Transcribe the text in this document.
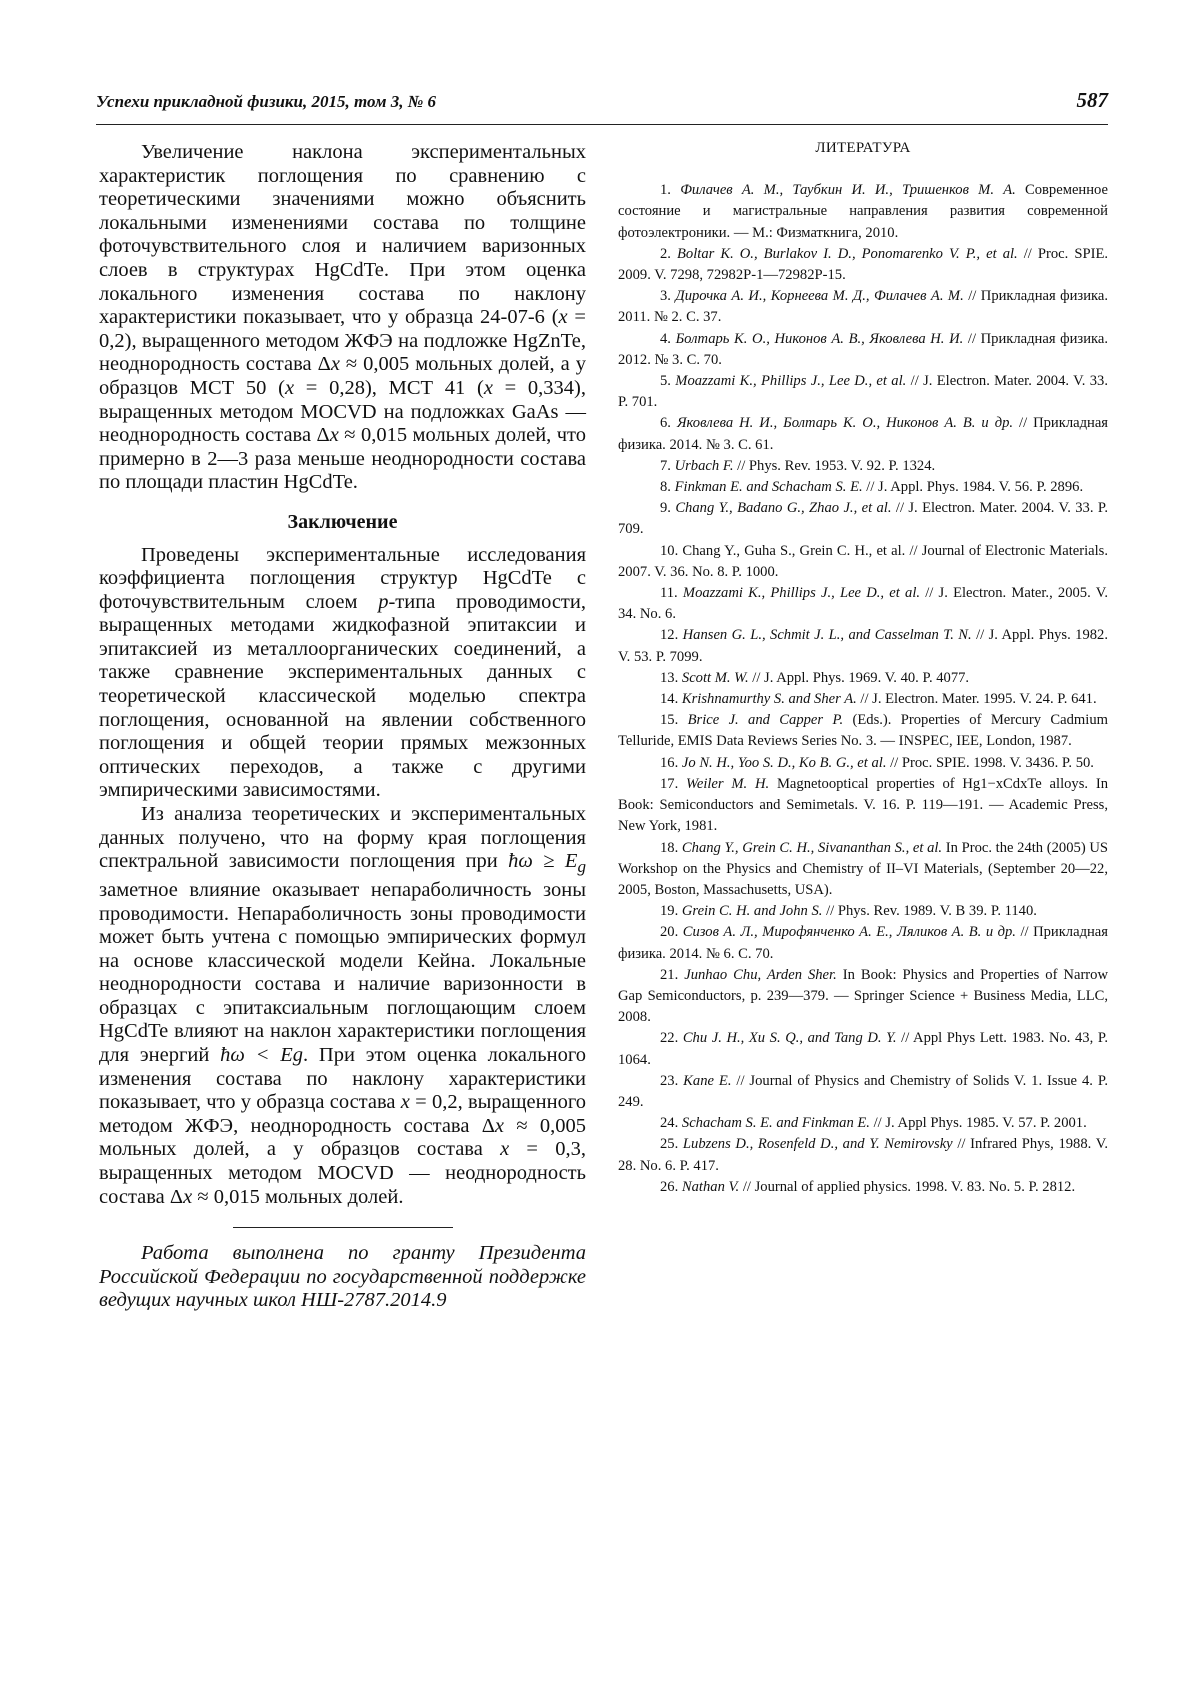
Успехи прикладной физики, 2015, том 3, № 6	587

Увеличение наклона экспериментальных характеристик поглощения по сравнению с теоретическими значениями можно объяснить локальными изменениями состава по толщине фоточувствительного слоя и наличием варизонных слоев в структурах HgCdTe. При этом оценка локального изменения состава по наклону характеристики показывает, что у образца 24-07-6 (x = 0,2), выращенного методом ЖФЭ на подложке HgZnTe, неоднородность состава Δx ≈ 0,005 мольных долей, а у образцов МСТ 50 (x = 0,28), МСТ 41 (x = 0,334), выращенных методом MOCVD на подложках GaAs — неоднородность состава Δx ≈ 0,015 мольных долей, что примерно в 2—3 раза меньше неоднородности состава по площади пластин HgCdTe.

Заключение

Проведены экспериментальные исследования коэффициента поглощения структур HgCdTe с фоточувствительным слоем p-типа проводимости, выращенных методами жидкофазной эпитаксии и эпитаксией из металлоорганических соединений, а также сравнение экспериментальных данных с теоретической классической моделью спектра поглощения, основанной на явлении собственного поглощения и общей теории прямых межзонных оптических переходов, а также с другими эмпирическими зависимостями.

Из анализа теоретических и экспериментальных данных получено, что на форму края поглощения спектральной зависимости поглощения при ħω ≥ $E_g$ заметное влияние оказывает непараболичность зоны проводимости. Непараболичность зоны проводимости может быть учтена с помощью эмпирических формул на основе классической модели Кейна. Локальные неоднородности состава и наличие варизонности в образцах с эпитаксиальным поглощающим слоем HgCdTe влияют на наклон характеристики поглощения для энергий ħω < Eg. При этом оценка локального изменения состава по наклону характеристики показывает, что у образца состава x = 0,2, выращенного методом ЖФЭ, неоднородность состава Δx ≈ 0,005 мольных долей, а у образцов состава x = 0,3, выращенных методом MOCVD — неоднородность состава Δx ≈ 0,015 мольных долей.

Работа выполнена по гранту Президента Российской Федерации по государственной поддержке ведущих научных школ НШ-2787.2014.9

ЛИТЕРАТУРА

1. Филачев А. М., Таубкин И. И., Тришенков М. А. Современное состояние и магистральные направления развития современной фотоэлектроники. — М.: Физматкнига, 2010.

2. Boltar K. O., Burlakov I. D., Ponomarenko V. P., et al. // Proc. SPIE. 2009. V. 7298, 72982P-1—72982P-15.

3. Дирочка А. И., Корнеева М. Д., Филачев А. М. // Прикладная физика. 2011. № 2. С. 37.

4. Болтарь К. О., Никонов А. В., Яковлева Н. И. // Прикладная физика. 2012. № 3. С. 70.

5. Moazzami K., Phillips J., Lee D., et al. // J. Electron. Mater. 2004. V. 33. P. 701.

6. Яковлева Н. И., Болтарь К. О., Никонов А. В. и др. // Прикладная физика. 2014. № 3. С. 61.

7. Urbach F. // Phys. Rev. 1953. V. 92. P. 1324.

8. Finkman E. and Schacham S. E. // J. Appl. Phys. 1984. V. 56. P. 2896.

9. Chang Y., Badano G., Zhao J., et al. // J. Electron. Mater. 2004. V. 33. P. 709.

10. Chang Y., Guha S., Grein C. H., et al. // Journal of Electronic Materials. 2007. V. 36. No. 8. P. 1000.

11. Moazzami K., Phillips J., Lee D., et al. // J. Electron. Mater., 2005. V. 34. No. 6.

12. Hansen G. L., Schmit J. L., and Casselman T. N. // J. Appl. Phys. 1982. V. 53. P. 7099.

13. Scott M. W. // J. Appl. Phys. 1969. V. 40. P. 4077.

14. Krishnamurthy S. and Sher A. // J. Electron. Mater. 1995. V. 24. P. 641.

15. Brice J. and Capper P. (Eds.). Properties of Mercury Cadmium Telluride, EMIS Data Reviews Series No. 3. — INSPEC, IEE, London, 1987.

16. Jo N. H., Yoo S. D., Ko B. G., et al. // Proc. SPIE. 1998. V. 3436. P. 50.

17. Weiler M. H. Magnetooptical properties of Hg1−xCdxTe alloys. In Book: Semiconductors and Semimetals. V. 16. P. 119—191. — Academic Press, New York, 1981.

18. Chang Y., Grein C. H., Sivananthan S., et al. In Proc. the 24th (2005) US Workshop on the Physics and Chemistry of II–VI Materials, (September 20—22, 2005, Boston, Massachusetts, USA).

19. Grein C. H. and John S. // Phys. Rev. 1989. V. B 39. P. 1140.

20. Сизов А. Л., Мирофянченко А. Е., Ляликов А. В. и др. // Прикладная физика. 2014. № 6. С. 70.

21. Junhao Chu, Arden Sher. In Book: Physics and Properties of Narrow Gap Semiconductors, p. 239—379. — Springer Science + Business Media, LLC, 2008.

22. Chu J. H., Xu S. Q., and Tang D. Y. // Appl Phys Lett. 1983. No. 43, P. 1064.

23. Kane E. // Journal of Physics and Chemistry of Solids V. 1. Issue 4. P. 249.

24. Schacham S. E. and Finkman E. // J. Appl Phys. 1985. V. 57. P. 2001.

25. Lubzens D., Rosenfeld D., and Y. Nemirovsky // Infrared Phys, 1988. V. 28. No. 6. P. 417.

26. Nathan V. // Journal of applied physics. 1998. V. 83. No. 5. P. 2812.
